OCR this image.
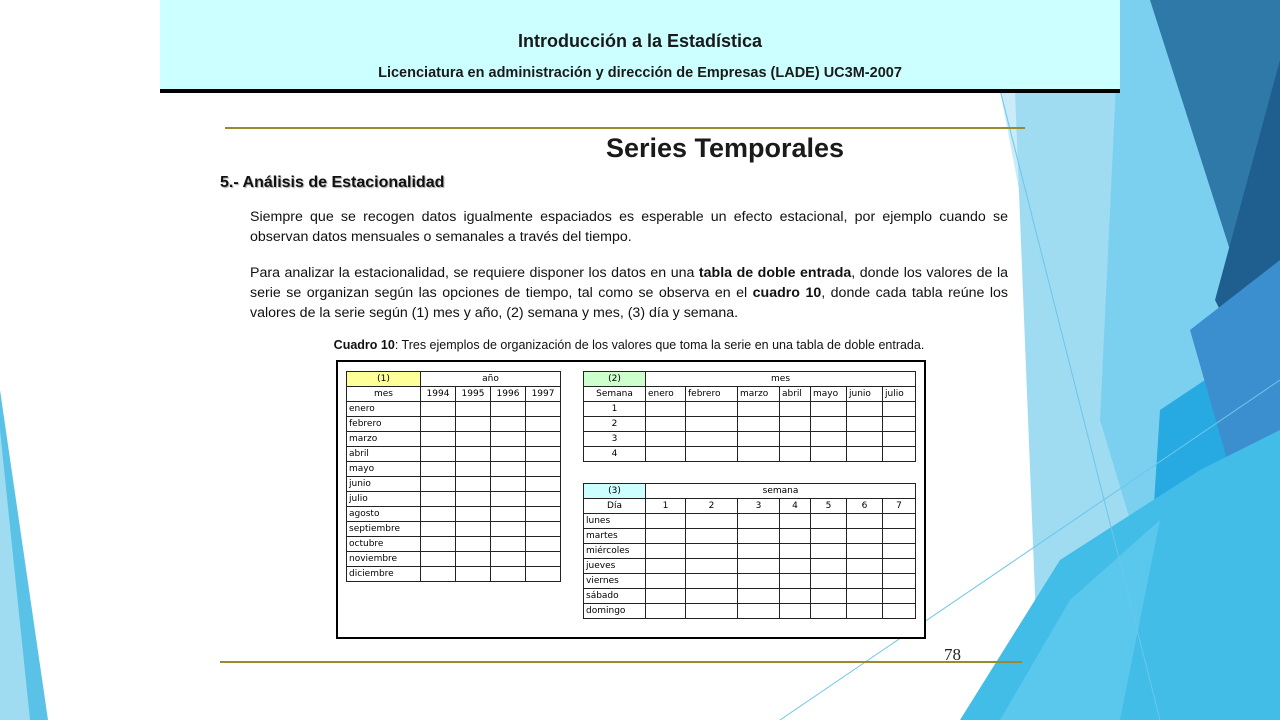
Introducción a la Estadística
Licenciatura en administración y dirección de Empresas (LADE) UC3M-2007
Series Temporales
5.- Análisis de Estacionalidad
Siempre que se recogen datos igualmente espaciados es esperable un efecto estacional, por ejemplo cuando se observan datos mensuales o semanales a través del tiempo.
Para analizar la estacionalidad, se requiere disponer los datos en una tabla de doble entrada, donde los valores de la serie se organizan según las opciones de tiempo, tal como se observa en el cuadro 10, donde cada tabla reúne los valores de la serie según (1) mes y año, (2) semana y mes, (3) día y semana.
Cuadro 10: Tres ejemplos de organización de los valores que toma la serie en una tabla de doble entrada.
(1)	año			
mes	1994	1995	1996	1997
enero				
febrero				
marzo				
abril				
mayo				
junio				
julio				
agosto				
septiembre				
octubre				
noviembre				
diciembre				
(2)	mes						
Semana	enero	febrero	marzo	abril	mayo	junio	julio
1							
2							
3							
4							
(3)	semana						
Día	1	2	3	4	5	6	7
lunes							
martes							
miércoles							
jueves							
viernes							
sábado							
domingo							
78
